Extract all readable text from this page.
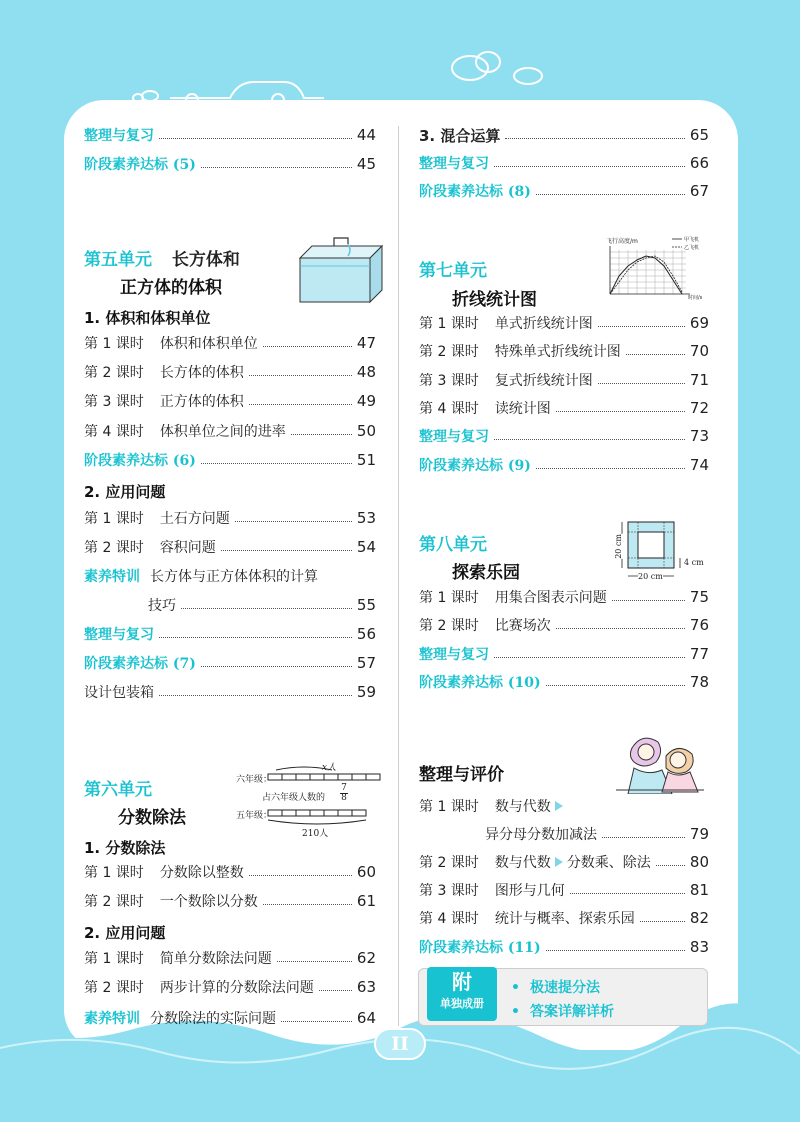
II
整理与复习	44
阶段素养达标 (5)	45
第五单元 长方体和
正方体的体积
1. 体积和体积单位
第 1 课时 体积和体积单位	47
第 2 课时 长方体的体积	48
第 3 课时 正方体的体积	49
第 4 课时 体积单位之间的进率	50
阶段素养达标 (6)	51
2. 应用问题
第 1 课时 土石方问题	53
第 2 课时 容积问题	54
素养特训 长方体与正方体体积的计算
技巧	55
整理与复习	56
阶段素养达标 (7)	57
设计包装箱	59
第六单元
分数除法
x人
六年级：
占六年级人数的 $\frac{7}{8}$
五年级：
210人
1. 分数除法
第 1 课时 分数除以整数	60
第 2 课时 一个数除以分数	61
2. 应用问题
第 1 课时 简单分数除法问题	62
第 2 课时 两步计算的分数除法问题	63
素养特训 分数除法的实际问题	64
3. 混合运算	65
整理与复习	66
阶段素养达标 (8)	67
第七单元
折线统计图
飞行高度/m	甲飞机
乙飞机
时间/s
第 1 课时 单式折线统计图	69
第 2 课时 特殊单式折线统计图	70
第 3 课时 复式折线统计图	71
第 4 课时 读统计图	72
整理与复习	73
阶段素养达标 (9)	74
第八单元
探索乐园
20 cm
20 cm
4 cm
第 1 课时 用集合图表示问题	75
第 2 课时 比赛场次	76
整理与复习	77
阶段素养达标 (10)	78
整理与评价
第 1 课时 数与代数
异分母分数加减法	79
第 2 课时 数与代数 分数乘、除法	80
第 3 课时 图形与几何	81
第 4 课时 统计与概率、探索乐园	82
阶段素养达标 (11)	83
附
单独成册
• 极速提分法
• 答案详解详析
